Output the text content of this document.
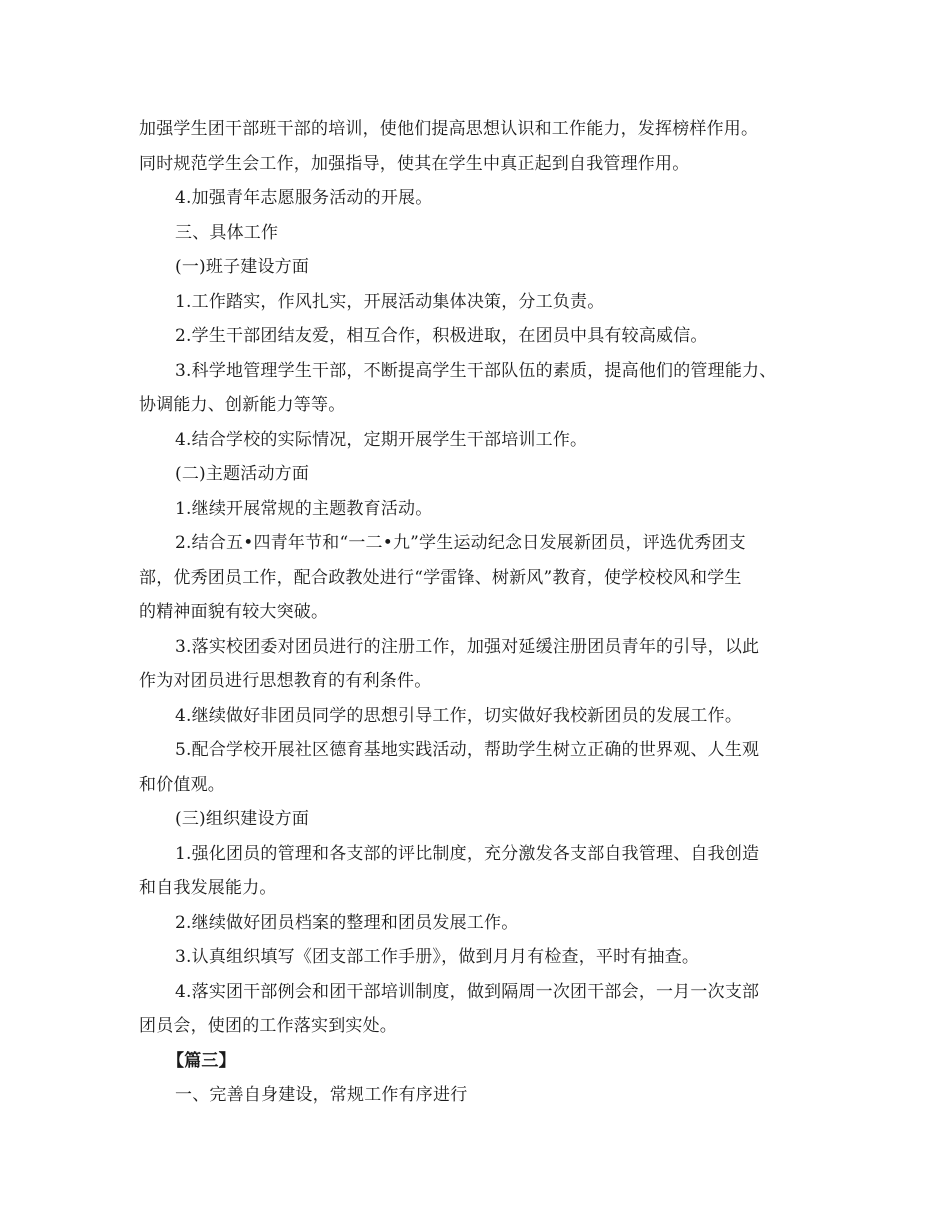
加强学生团干部班干部的培训，使他们提高思想认识和工作能力，发挥榜样作用。
同时规范学生会工作，加强指导，使其在学生中真正起到自我管理作用。
4.加强青年志愿服务活动的开展。
三、具体工作
(一)班子建设方面
1.工作踏实，作风扎实，开展活动集体决策，分工负责。
2.学生干部团结友爱，相互合作，积极进取，在团员中具有较高威信。
3.科学地管理学生干部，不断提高学生干部队伍的素质，提高他们的管理能力、
协调能力、创新能力等等。
4.结合学校的实际情况，定期开展学生干部培训工作。
(二)主题活动方面
1.继续开展常规的主题教育活动。
2.结合五•四青年节和“一二•九”学生运动纪念日发展新团员，评选优秀团支
部，优秀团员工作，配合政教处进行“学雷锋、树新风”教育，使学校校风和学生
的精神面貌有较大突破。
3.落实校团委对团员进行的注册工作，加强对延缓注册团员青年的引导，以此
作为对团员进行思想教育的有利条件。
4.继续做好非团员同学的思想引导工作，切实做好我校新团员的发展工作。
5.配合学校开展社区德育基地实践活动，帮助学生树立正确的世界观、人生观
和价值观。
(三)组织建设方面
1.强化团员的管理和各支部的评比制度，充分激发各支部自我管理、自我创造
和自我发展能力。
2.继续做好团员档案的整理和团员发展工作。
3.认真组织填写《团支部工作手册》，做到月月有检查，平时有抽查。
4.落实团干部例会和团干部培训制度，做到隔周一次团干部会，一月一次支部
团员会，使团的工作落实到实处。
【篇三】
一、完善自身建设，常规工作有序进行
